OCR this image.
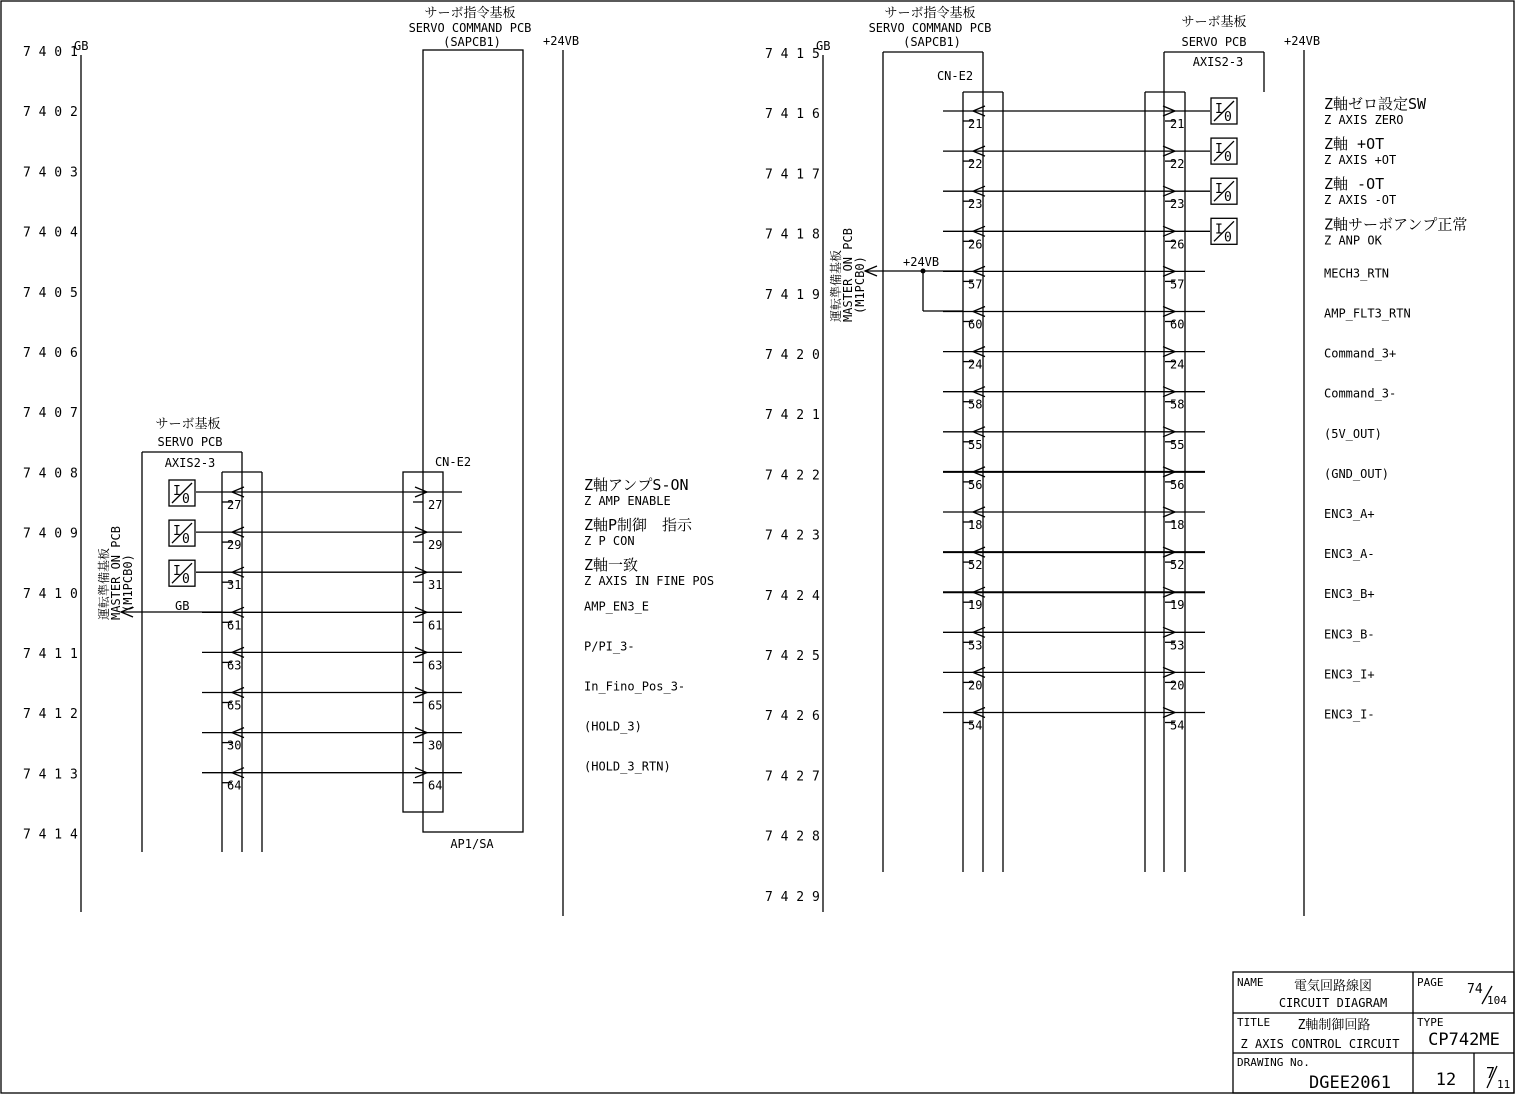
7 4 0 1
7 4 0 2
7 4 0 3
7 4 0 4
7 4 0 5
7 4 0 6
7 4 0 7
7 4 0 8
7 4 0 9
7 4 1 0
7 4 1 1
7 4 1 2
7 4 1 3
7 4 1 4
GB	+24VB
サーボ指令基板
SERVO COMMAND PCB
(SAPCB1)
AP1/SA
サーボ基板
SERVO PCB
AXIS2-3	CN-E2
運転準備基板
MASTER ON PCB
(M1PCB0)
27	27
I
0
Z軸アンプS-ON
Z AMP ENABLE
29	29
I
0
Z軸P制御　指示
Z P CON
31	31
I
0
Z軸一致
Z AXIS IN FINE POS
61	61
AMP_EN3_E
63	63
P/PI_3-
65	65
In_Fino_Pos_3-
30	30
(HOLD_3)
64	64
(HOLD_3_RTN)
GB
7 4 1 5
7 4 1 6
7 4 1 7
7 4 1 8
7 4 1 9
7 4 2 0
7 4 2 1
7 4 2 2
7 4 2 3
7 4 2 4
7 4 2 5
7 4 2 6
7 4 2 7
7 4 2 8
7 4 2 9
GB	+24VB
サーボ指令基板
SERVO COMMAND PCB
(SAPCB1)
CN-E2
サーボ基板
SERVO PCB
AXIS2-3
運転準備基板
MASTER ON PCB
(M1PCB0)
21	21
I
0
Z軸ゼロ設定SW
Z AXIS ZERO
22	22
I
0
Z軸 +OT
Z AXIS +OT
23	23
I
0
Z軸 -OT
Z AXIS -OT
26	26
I
0
Z軸サーボアンプ正常
Z ANP OK
57	57
MECH3_RTN
60	60
AMP_FLT3_RTN
24	24
Command_3+
58	58
Command_3-
55	55
(5V_OUT)
56	56
(GND_OUT)
18	18
ENC3_A+
52	52
ENC3_A-
19	19
ENC3_B+
53	53
ENC3_B-
20	20
ENC3_I+
54	54
ENC3_I-
+24VB
NAME 電気回路線図
CIRCUIT DIAGRAM
PAGE 74
104
TITLE Z軸制御回路
Z AXIS CONTROL CIRCUIT
TYPE
CP742ME
DRAWING No.
DGEE2061	12 7
11
